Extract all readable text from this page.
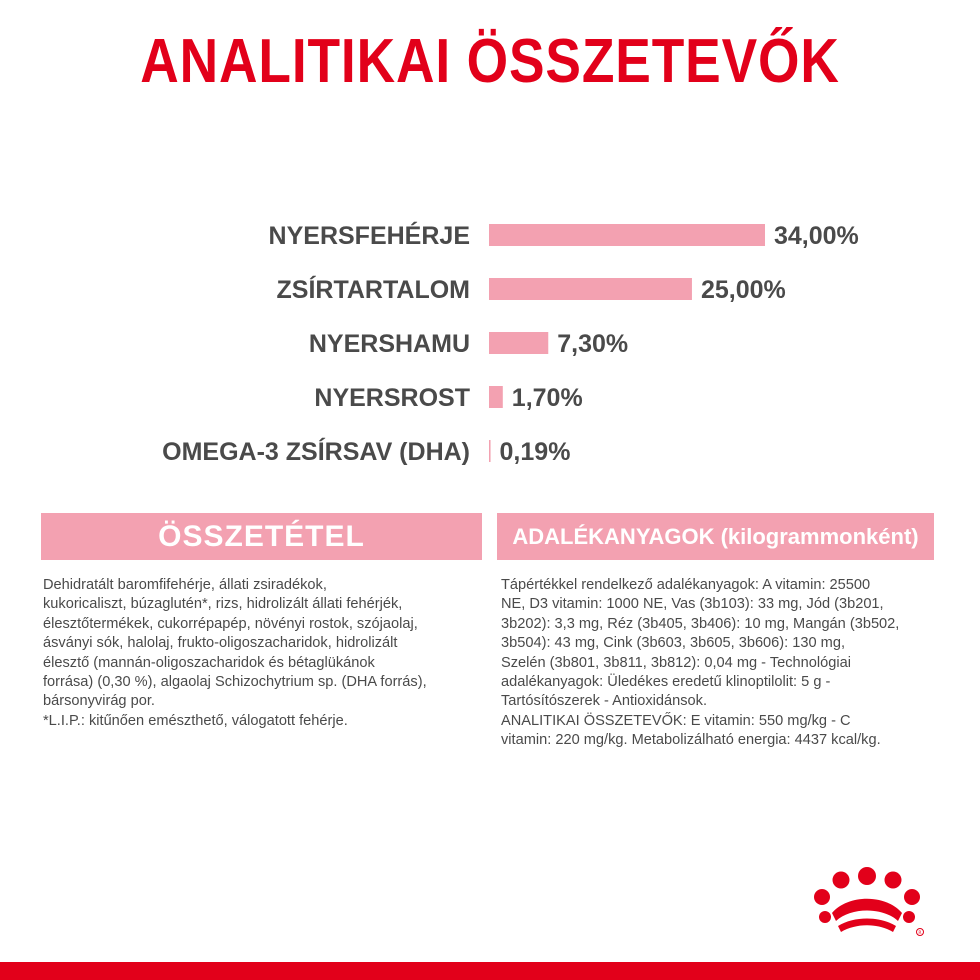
ANALITIKAI ÖSSZETEVŐK
NYERSFEHÉRJE	34,00%
ZSÍRTARTALOM	25,00%
NYERSHAMU	7,30%
NYERSROST 1,70%
OMEGA-3 ZSÍRSAV (DHA) 0,19%
ÖSSZETÉTEL	ADALÉKANYAGOK (kilogrammonként)
Dehidratált baromfifehérje, állati zsiradékok,
kukoricaliszt, búzaglutén*, rizs, hidrolizált állati fehérjék,
élesztőtermékek, cukorrépapép, növényi rostok, szójaolaj,
ásványi sók, halolaj, frukto-oligoszacharidok, hidrolizált
élesztő (mannán-oligoszacharidok és bétaglükánok
forrása) (0,30 %), algaolaj Schizochytrium sp. (DHA forrás),
bársonyvirág por.
*L.I.P.: kitűnően emészthető, válogatott fehérje.
Tápértékkel rendelkező adalékanyagok: A vitamin: 25500
NE, D3 vitamin: 1000 NE, Vas (3b103): 33 mg, Jód (3b201,
3b202): 3,3 mg, Réz (3b405, 3b406): 10 mg, Mangán (3b502,
3b504): 43 mg, Cink (3b603, 3b605, 3b606): 130 mg,
Szelén (3b801, 3b811, 3b812): 0,04 mg - Technológiai
adalékanyagok: Üledékes eredetű klinoptilolit: 5 g -
Tartósítószerek - Antioxidánsok.
ANALITIKAI ÖSSZETEVŐK: E vitamin: 550 mg/kg - C
vitamin: 220 mg/kg. Metabolizálható energia: 4437 kcal/kg.
R
